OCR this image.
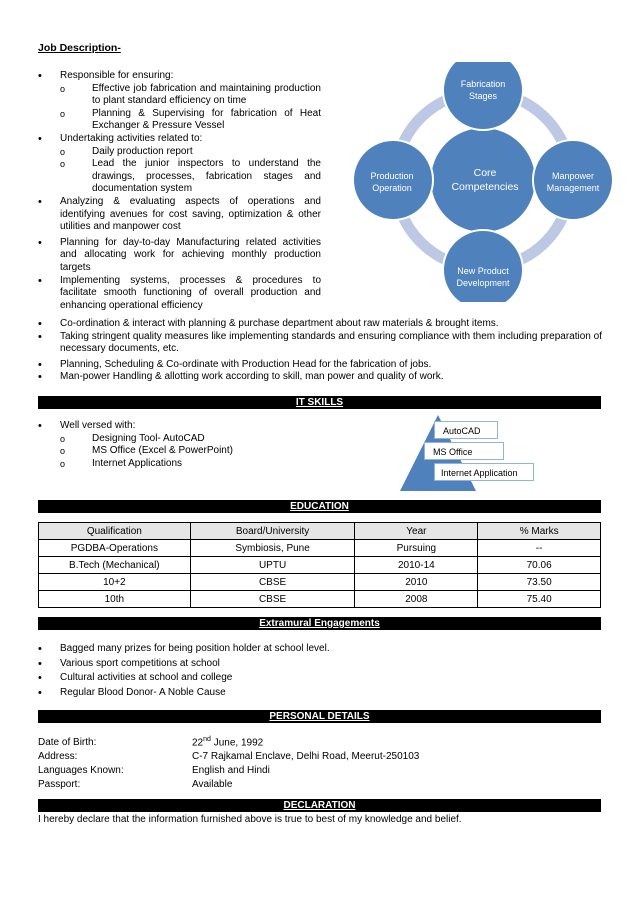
Job Description-
• Responsible for ensuring:
o Effective job fabrication and maintaining production to plant standard efficiency on time
o Planning & Supervising for fabrication of Heat Exchanger & Pressure Vessel
• Undertaking activities related to:
o Daily production report
o Lead the junior inspectors to understand the drawings, processes, fabrication stages and documentation system
• Analyzing & evaluating aspects of operations and identifying avenues for cost saving, optimization & other utilities and manpower cost
• Planning for day-to-day Manufacturing related activities and allocating work for achieving monthly production targets
• Implementing systems, processes & procedures to facilitate smooth functioning of overall production and enhancing operational efficiency
• Co-ordination & interact with planning & purchase department about raw materials & brought items.
• Taking stringent quality measures like implementing standards and ensuring compliance with them including preparation of necessary documents, etc.
• Planning, Scheduling & Co-ordinate with Production Head for the fabrication of jobs.
• Man-power Handling & allotting work according to skill, man power and quality of work.
Fabrication Stages
Core Competencies
Manpower Management
New Product Development
Production Operation
IT SKILLS
• Well versed with:
o Designing Tool- AutoCAD
o MS Office (Excel & PowerPoint)
o Internet Applications
AutoCAD
MS Office
Internet Application
EDUCATION
Qualification	Board/University	Year	% Marks
PGDBA-Operations	Symbiosis, Pune	Pursuing	--
B.Tech (Mechanical)	UPTU	2010-14	70.06
10+2	CBSE	2010	73.50
10th	CBSE	2008	75.40
Extramural Engagements
• Bagged many prizes for being position holder at school level.
• Various sport competitions at school
• Cultural activities at school and college
• Regular Blood Donor- A Noble Cause
PERSONAL DETAILS
Date of Birth:	22nd June, 1992
Address:	C-7 Rajkamal Enclave, Delhi Road, Meerut-250103
Languages Known:	English and Hindi
Passport:	Available
DECLARATION
I hereby declare that the information furnished above is true to best of my knowledge and belief.
